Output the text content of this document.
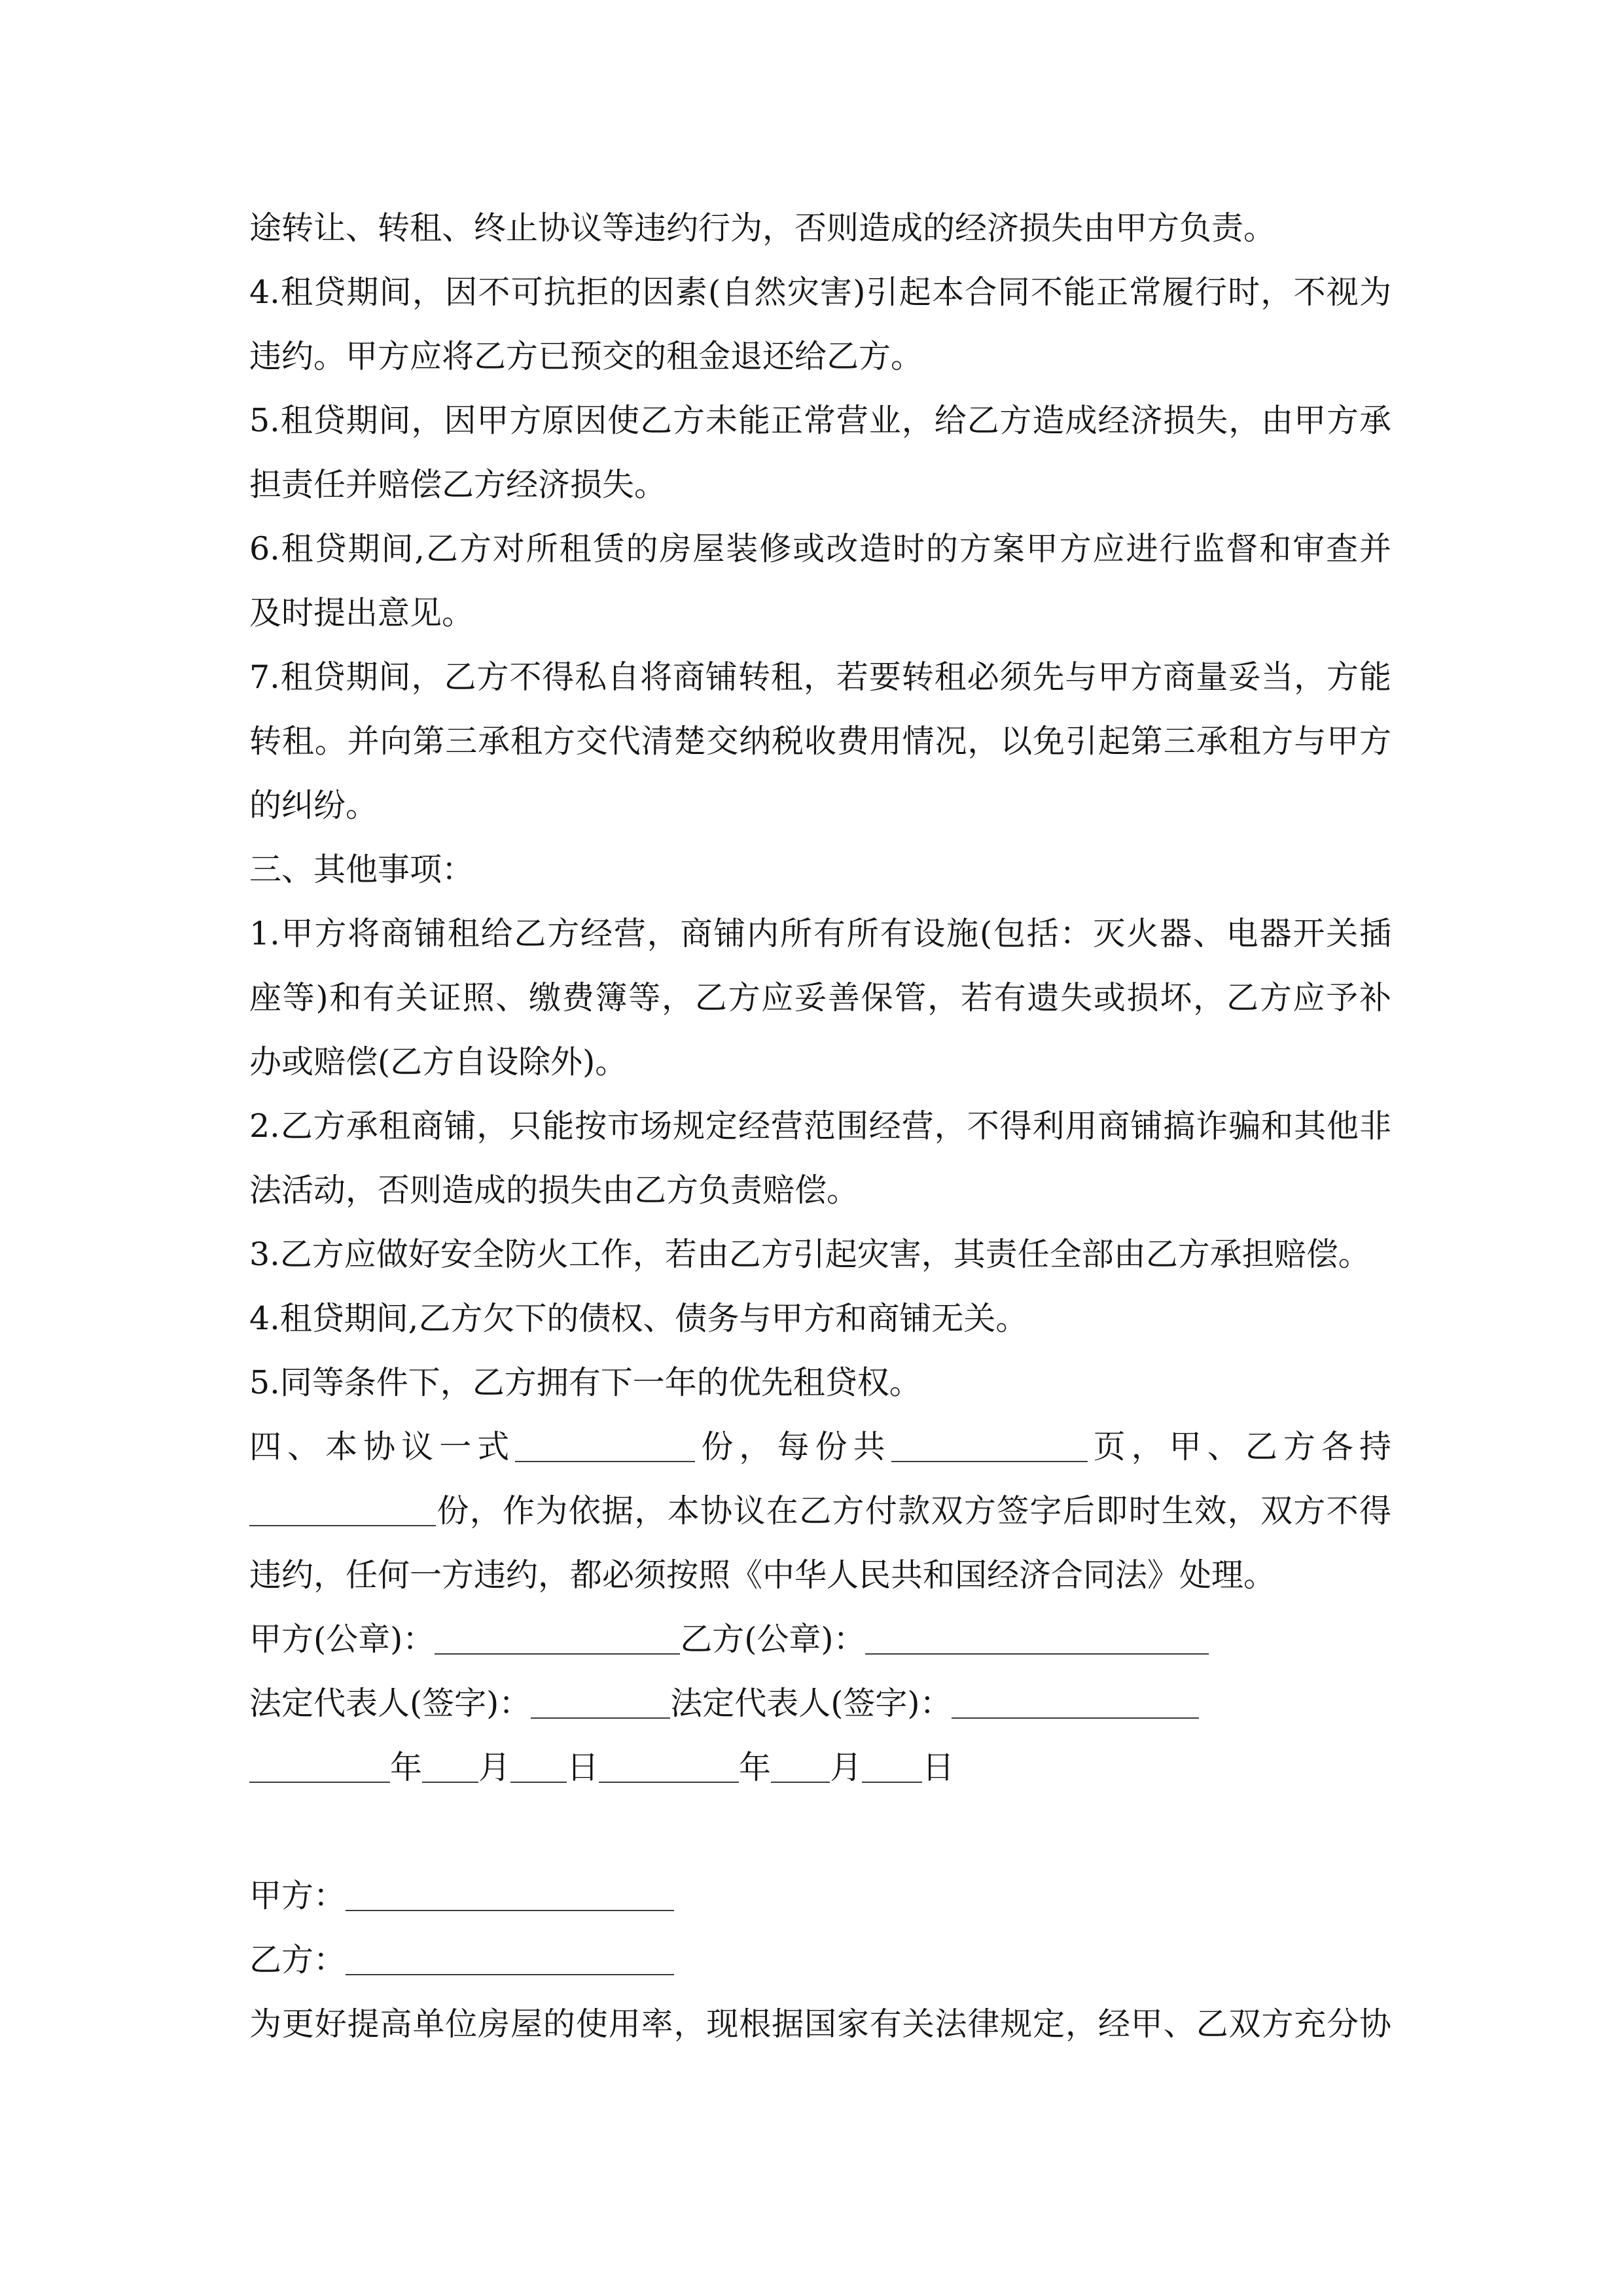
途转让、转租、终止协议等违约行为，否则造成的经济损失由甲方负责。
4.租贷期间，因不可抗拒的因素(自然灾害)引起本合同不能正常履行时，不视为
违约。甲方应将乙方已预交的租金退还给乙方。
5.租贷期间，因甲方原因使乙方未能正常营业，给乙方造成经济损失，由甲方承
担责任并赔偿乙方经济损失。
6.租贷期间,乙方对所租赁的房屋装修或改造时的方案甲方应进行监督和审查并
及时提出意见。
7.租贷期间，乙方不得私自将商铺转租，若要转租必须先与甲方商量妥当，方能
转租。并向第三承租方交代清楚交纳税收费用情况，以免引起第三承租方与甲方
的纠纷。
三、其他事项：
1.甲方将商铺租给乙方经营，商铺内所有所有设施(包括：灭火器、电器开关插
座等)和有关证照、缴费簿等，乙方应妥善保管，若有遗失或损坏，乙方应予补
办或赔偿(乙方自设除外)。
2.乙方承租商铺，只能按市场规定经营范围经营，不得利用商铺搞诈骗和其他非
法活动，否则造成的损失由乙方负责赔偿。
3.乙方应做好安全防火工作，若由乙方引起灾害，其责任全部由乙方承担赔偿。
4.租贷期间,乙方欠下的债权、债务与甲方和商铺无关。
5.同等条件下，乙方拥有下一年的优先租贷权。
四、本协议一式	份，每份共	页，甲、乙方各持
份，作为依据，本协议在乙方付款双方签字后即时生效，双方不得
违约，任何一方违约，都必须按照《中华人民共和国经济合同法》处理。
甲方(公章)：	乙方(公章)：
法定代表人(签字)：	法定代表人(签字)：
年 月 日	年 月 日
甲方：
乙方：
为更好提高单位房屋的使用率，现根据国家有关法律规定，经甲、乙双方充分协
